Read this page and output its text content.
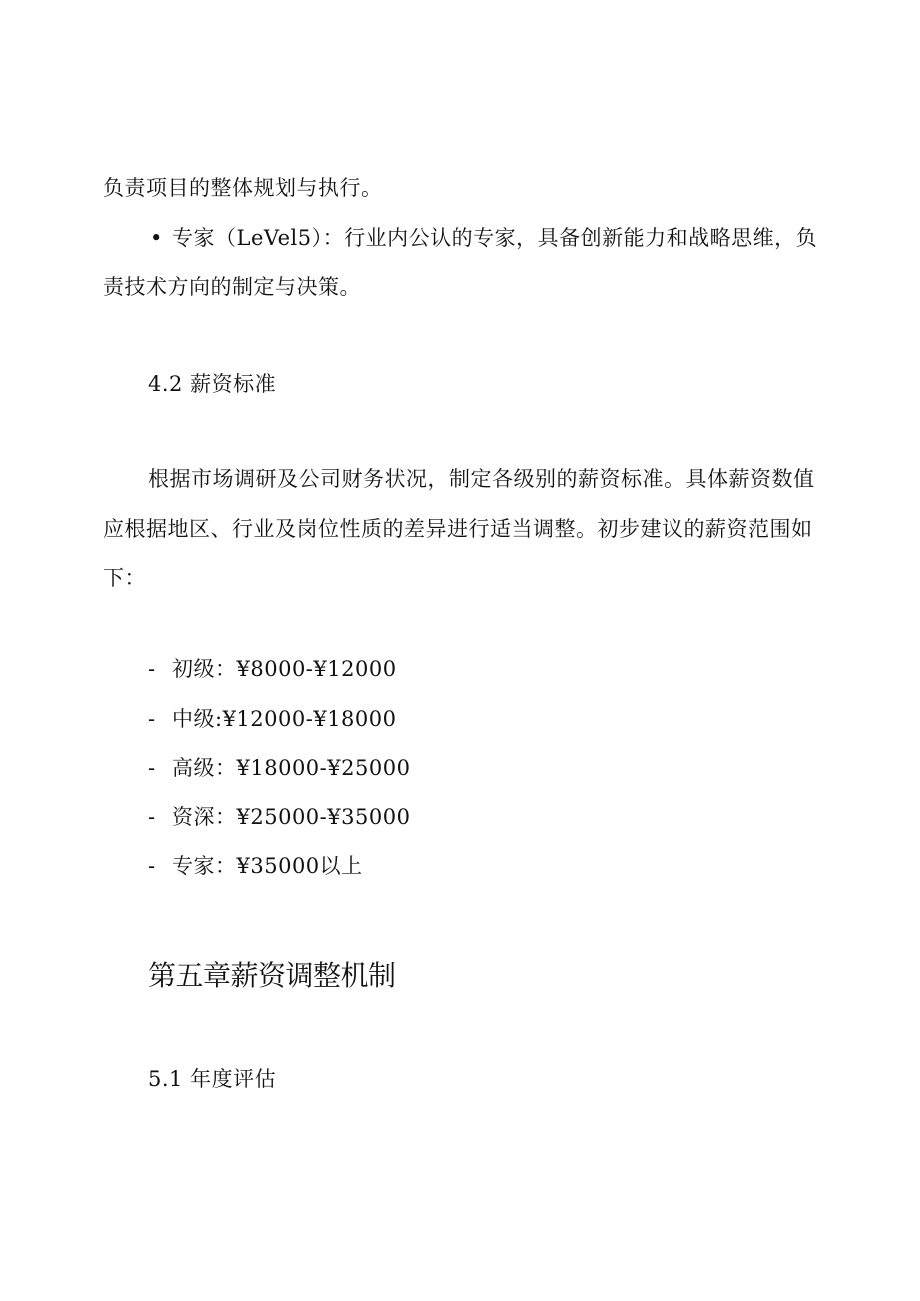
负责项目的整体规划与执行。
• 专家（LeVel5）：行业内公认的专家，具备创新能力和战略思维，负
责技术方向的制定与决策。
4.2 薪资标准
根据市场调研及公司财务状况，制定各级别的薪资标准。具体薪资数值
应根据地区、行业及岗位性质的差异进行适当调整。初步建议的薪资范围如
下：
- 初级：¥8000-¥12000
- 中级:¥12000-¥18000
- 高级：¥18000-¥25000
- 资深：¥25000-¥35000
- 专家：¥35000以上
第五章薪资调整机制
5.1 年度评估
